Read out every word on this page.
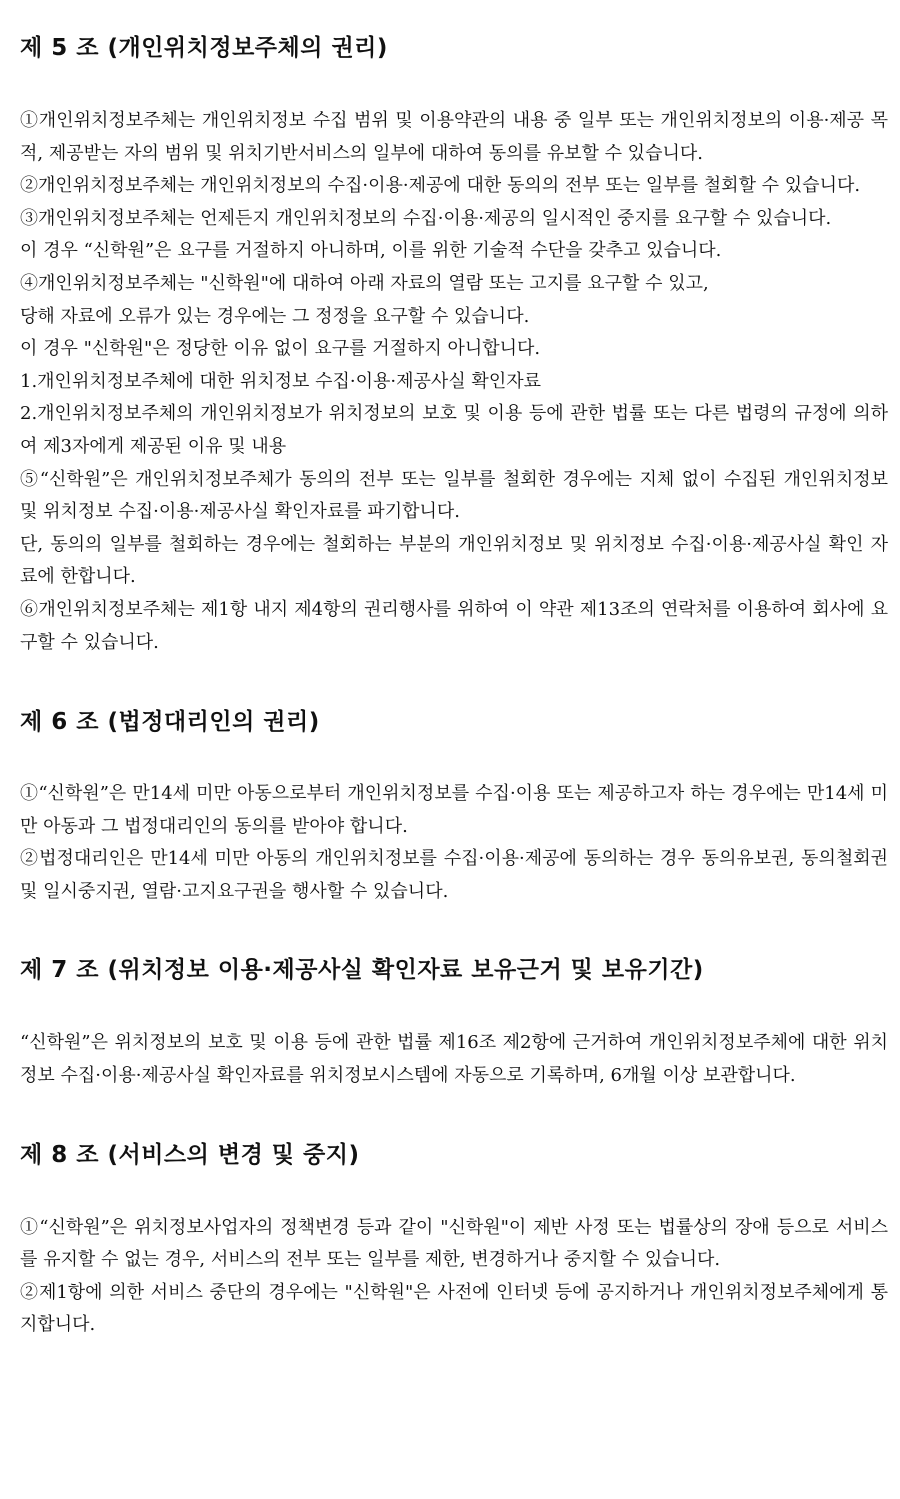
제 5 조 (개인위치정보주체의 권리)

①개인위치정보주체는 개인위치정보 수집 범위 및 이용약관의 내용 중 일부 또는 개인위치정보의 이용·제공 목적, 제공받는 자의 범위 및 위치기반서비스의 일부에 대하여 동의를 유보할 수 있습니다.

②개인위치정보주체는 개인위치정보의 수집·이용·제공에 대한 동의의 전부 또는 일부를 철회할 수 있습니다.

③개인위치정보주체는 언제든지 개인위치정보의 수집·이용·제공의 일시적인 중지를 요구할 수 있습니다.

이 경우 “신학원”은 요구를 거절하지 아니하며, 이를 위한 기술적 수단을 갖추고 있습니다.

④개인위치정보주체는 "신학원"에 대하여 아래 자료의 열람 또는 고지를 요구할 수 있고,

당해 자료에 오류가 있는 경우에는 그 정정을 요구할 수 있습니다.

이 경우 "신학원"은 정당한 이유 없이 요구를 거절하지 아니합니다.

1.개인위치정보주체에 대한 위치정보 수집·이용·제공사실 확인자료

2.개인위치정보주체의 개인위치정보가 위치정보의 보호 및 이용 등에 관한 법률 또는 다른 법령의 규정에 의하여 제3자에게 제공된 이유 및 내용

⑤“신학원”은 개인위치정보주체가 동의의 전부 또는 일부를 철회한 경우에는 지체 없이 수집된 개인위치정보 및 위치정보 수집·이용·제공사실 확인자료를 파기합니다.

단, 동의의 일부를 철회하는 경우에는 철회하는 부분의 개인위치정보 및 위치정보 수집·이용·제공사실 확인 자료에 한합니다.

⑥개인위치정보주체는 제1항 내지 제4항의 권리행사를 위하여 이 약관 제13조의 연락처를 이용하여 회사에 요구할 수 있습니다.

제 6 조 (법정대리인의 권리)

①“신학원”은 만14세 미만 아동으로부터 개인위치정보를 수집·이용 또는 제공하고자 하는 경우에는 만14세 미만 아동과 그 법정대리인의 동의를 받아야 합니다.

②법정대리인은 만14세 미만 아동의 개인위치정보를 수집·이용·제공에 동의하는 경우 동의유보권, 동의철회권 및 일시중지권, 열람·고지요구권을 행사할 수 있습니다.

제 7 조 (위치정보 이용·제공사실 확인자료 보유근거 및 보유기간)

“신학원”은 위치정보의 보호 및 이용 등에 관한 법률 제16조 제2항에 근거하여 개인위치정보주체에 대한 위치정보 수집·이용·제공사실 확인자료를 위치정보시스템에 자동으로 기록하며, 6개월 이상 보관합니다.

제 8 조 (서비스의 변경 및 중지)

①“신학원”은 위치정보사업자의 정책변경 등과 같이 "신학원"이 제반 사정 또는 법률상의 장애 등으로 서비스를 유지할 수 없는 경우, 서비스의 전부 또는 일부를 제한, 변경하거나 중지할 수 있습니다.

②제1항에 의한 서비스 중단의 경우에는 "신학원"은 사전에 인터넷 등에 공지하거나 개인위치정보주체에게 통지합니다.
